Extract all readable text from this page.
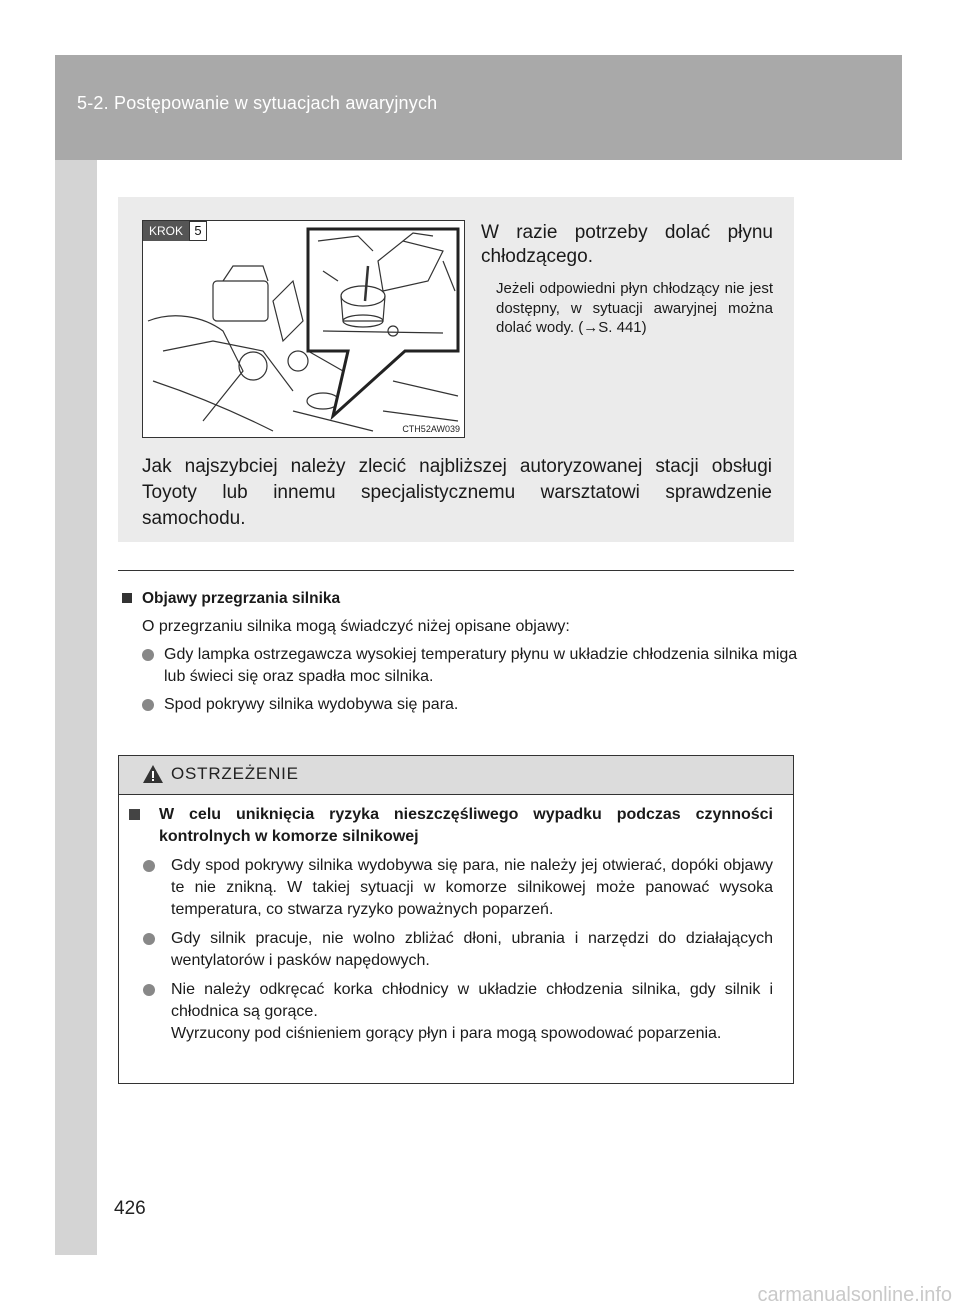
5-2. Postępowanie w sytuacjach awaryjnych
KROK 5
CTH52AW039
W razie potrzeby dolać płynu chłodzącego.
Jeżeli odpowiedni płyn chłodzący nie jest dostępny, w sytuacji awaryjnej można dolać wody. (→S. 441)
Jak najszybciej należy zlecić najbliższej autoryzowanej stacji obsługi Toyoty lub innemu specjalistycznemu warsztatowi sprawdzenie samochodu.
Objawy przegrzania silnika
O przegrzaniu silnika mogą świadczyć niżej opisane objawy:
Gdy lampka ostrzegawcza wysokiej temperatury płynu w układzie chłodzenia silnika miga lub świeci się oraz spadła moc silnika.
Spod pokrywy silnika wydobywa się para.
OSTRZEŻENIE
W celu uniknięcia ryzyka nieszczęśliwego wypadku podczas czynności kontrolnych w komorze silnikowej
Gdy spod pokrywy silnika wydobywa się para, nie należy jej otwierać, dopóki objawy te nie znikną. W takiej sytuacji w komorze silnikowej może panować wysoka temperatura, co stwarza ryzyko poważnych poparzeń.
Gdy silnik pracuje, nie wolno zbliżać dłoni, ubrania i narzędzi do działających wentylatorów i pasków napędowych.
Nie należy odkręcać korka chłodnicy w układzie chłodzenia silnika, gdy silnik i chłodnica są gorące.
Wyrzucony pod ciśnieniem gorący płyn i para mogą spowodować poparzenia.
426
carmanualsonline.info
